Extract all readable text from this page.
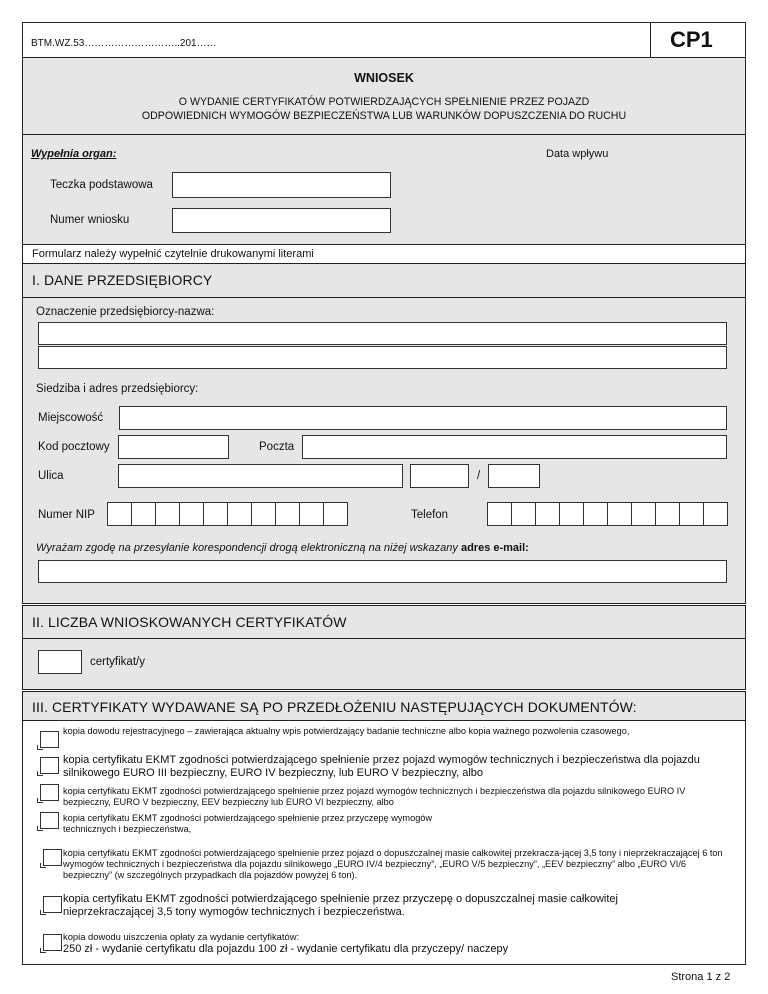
BTM.WZ.53………………………..201……	CP1
WNIOSEK
O WYDANIE CERTYFIKATÓW POTWIERDZAJĄCYCH SPEŁNIENIE PRZEZ POJAZD
ODPOWIEDNICH WYMOGÓW BEZPIECZEŃSTWA LUB WARUNKÓW DOPUSZCZENIA DO RUCHU
Wypełnia organ:	Data wpływu
Teczka podstawowa
Numer wniosku
Formularz należy wypełnić czytelnie drukowanymi literami
I. DANE PRZEDSIĘBIORCY
Oznaczenie przedsiębiorcy-nazwa:
Siedziba i adres przedsiębiorcy:
Miejscowość
Kod pocztowy	Poczta
Ulica	/
Numer NIP	Telefon
Wyrażam zgodę na przesyłanie korespondencji drogą elektroniczną na niżej wskazany adres e-mail:
II. LICZBA WNIOSKOWANYCH CERTYFIKATÓW
certyfikat/y
III. CERTYFIKATY WYDAWANE SĄ PO PRZEDŁOŻENIU NASTĘPUJĄCYCH DOKUMENTÓW:
kopia dowodu rejestracyjnego – zawierająca aktualny wpis potwierdzający badanie techniczne albo kopia ważnego pozwolenia czasowego,
kopia certyfikatu EKMT zgodności potwierdzającego spełnienie przez pojazd wymogów technicznych i bezpieczeństwa dla pojazdu silnikowego EURO III bezpieczny, EURO IV bezpieczny, lub EURO V bezpieczny, albo
kopia certyfikatu EKMT zgodności potwierdzającego spełnienie przez pojazd wymogów technicznych i bezpieczeństwa dla pojazdu silnikowego EURO IV bezpieczny, EURO V bezpieczny, EEV bezpieczny lub EURO VI bezpieczny, albo
kopia certyfikatu EKMT zgodności potwierdzającego spełnienie przez przyczepę wymogów technicznych i bezpieczeństwa,
kopia certyfikatu EKMT zgodności potwierdzającego spełnienie przez pojazd o dopuszczalnej masie całkowitej przekracza-jącej 3,5 tony i nieprzekraczającej 6 ton wymogów technicznych i bezpieczeństwa dla pojazdu silnikowego „EURO IV/4 bezpieczny”, „EURO V/5 bezpieczny”, „EEV bezpieczny” albo „EURO VI/6 bezpieczny” (w szczególnych przypadkach dla pojazdów powyżej 6 ton).
kopia certyfikatu EKMT zgodności potwierdzającego spełnienie przez przyczepę o dopuszczalnej masie całkowitej nieprzekraczającej 3,5 tony wymogów technicznych i bezpieczeństwa.
kopia dowodu uiszczenia opłaty za wydanie certyfikatów:
250 zł - wydanie certyfikatu dla pojazdu 100 zł - wydanie certyfikatu dla przyczepy/ naczepy
Strona 1 z 2
